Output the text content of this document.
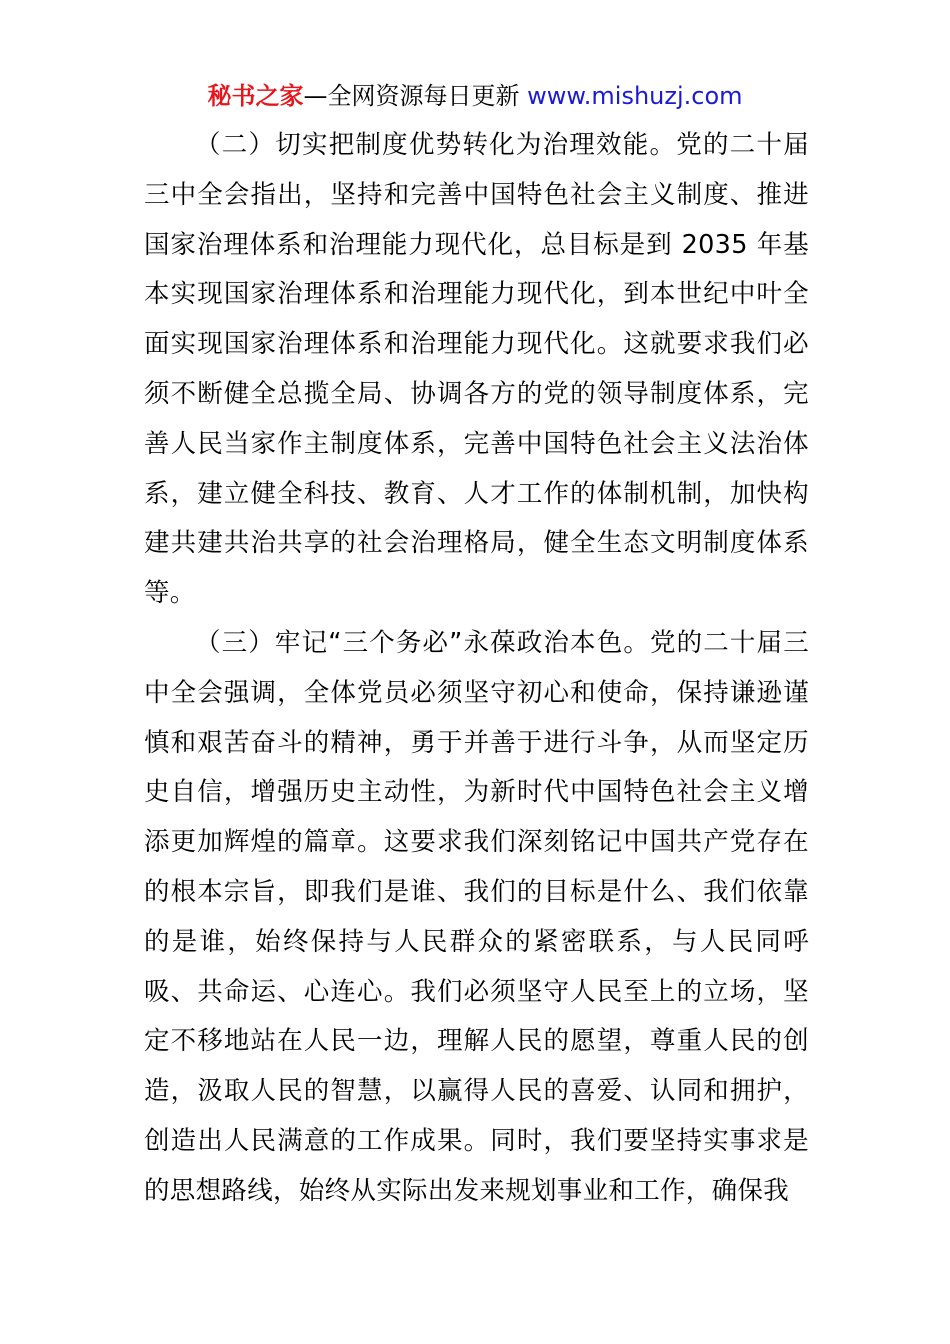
秘书之家—全网资源每日更新 www.mishuzj.com

（二）切实把制度优势转化为治理效能。党的二十届三中全会指出，坚持和完善中国特色社会主义制度、推进国家治理体系和治理能力现代化，总目标是到 2035 年基本实现国家治理体系和治理能力现代化，到本世纪中叶全面实现国家治理体系和治理能力现代化。这就要求我们必须不断健全总揽全局、协调各方的党的领导制度体系，完善人民当家作主制度体系，完善中国特色社会主义法治体系，建立健全科技、教育、人才工作的体制机制，加快构建共建共治共享的社会治理格局，健全生态文明制度体系等。

（三）牢记“三个务必”永葆政治本色。党的二十届三中全会强调，全体党员必须坚守初心和使命，保持谦逊谨慎和艰苦奋斗的精神，勇于并善于进行斗争，从而坚定历史自信，增强历史主动性，为新时代中国特色社会主义增添更加辉煌的篇章。这要求我们深刻铭记中国共产党存在的根本宗旨，即我们是谁、我们的目标是什么、我们依靠的是谁，始终保持与人民群众的紧密联系，与人民同呼吸、共命运、心连心。我们必须坚守人民至上的立场，坚定不移地站在人民一边，理解人民的愿望，尊重人民的创造，汲取人民的智慧，以赢得人民的喜爱、认同和拥护，创造出人民满意的工作成果。同时，我们要坚持实事求是的思想路线，始终从实际出发来规划事业和工作，确保我
